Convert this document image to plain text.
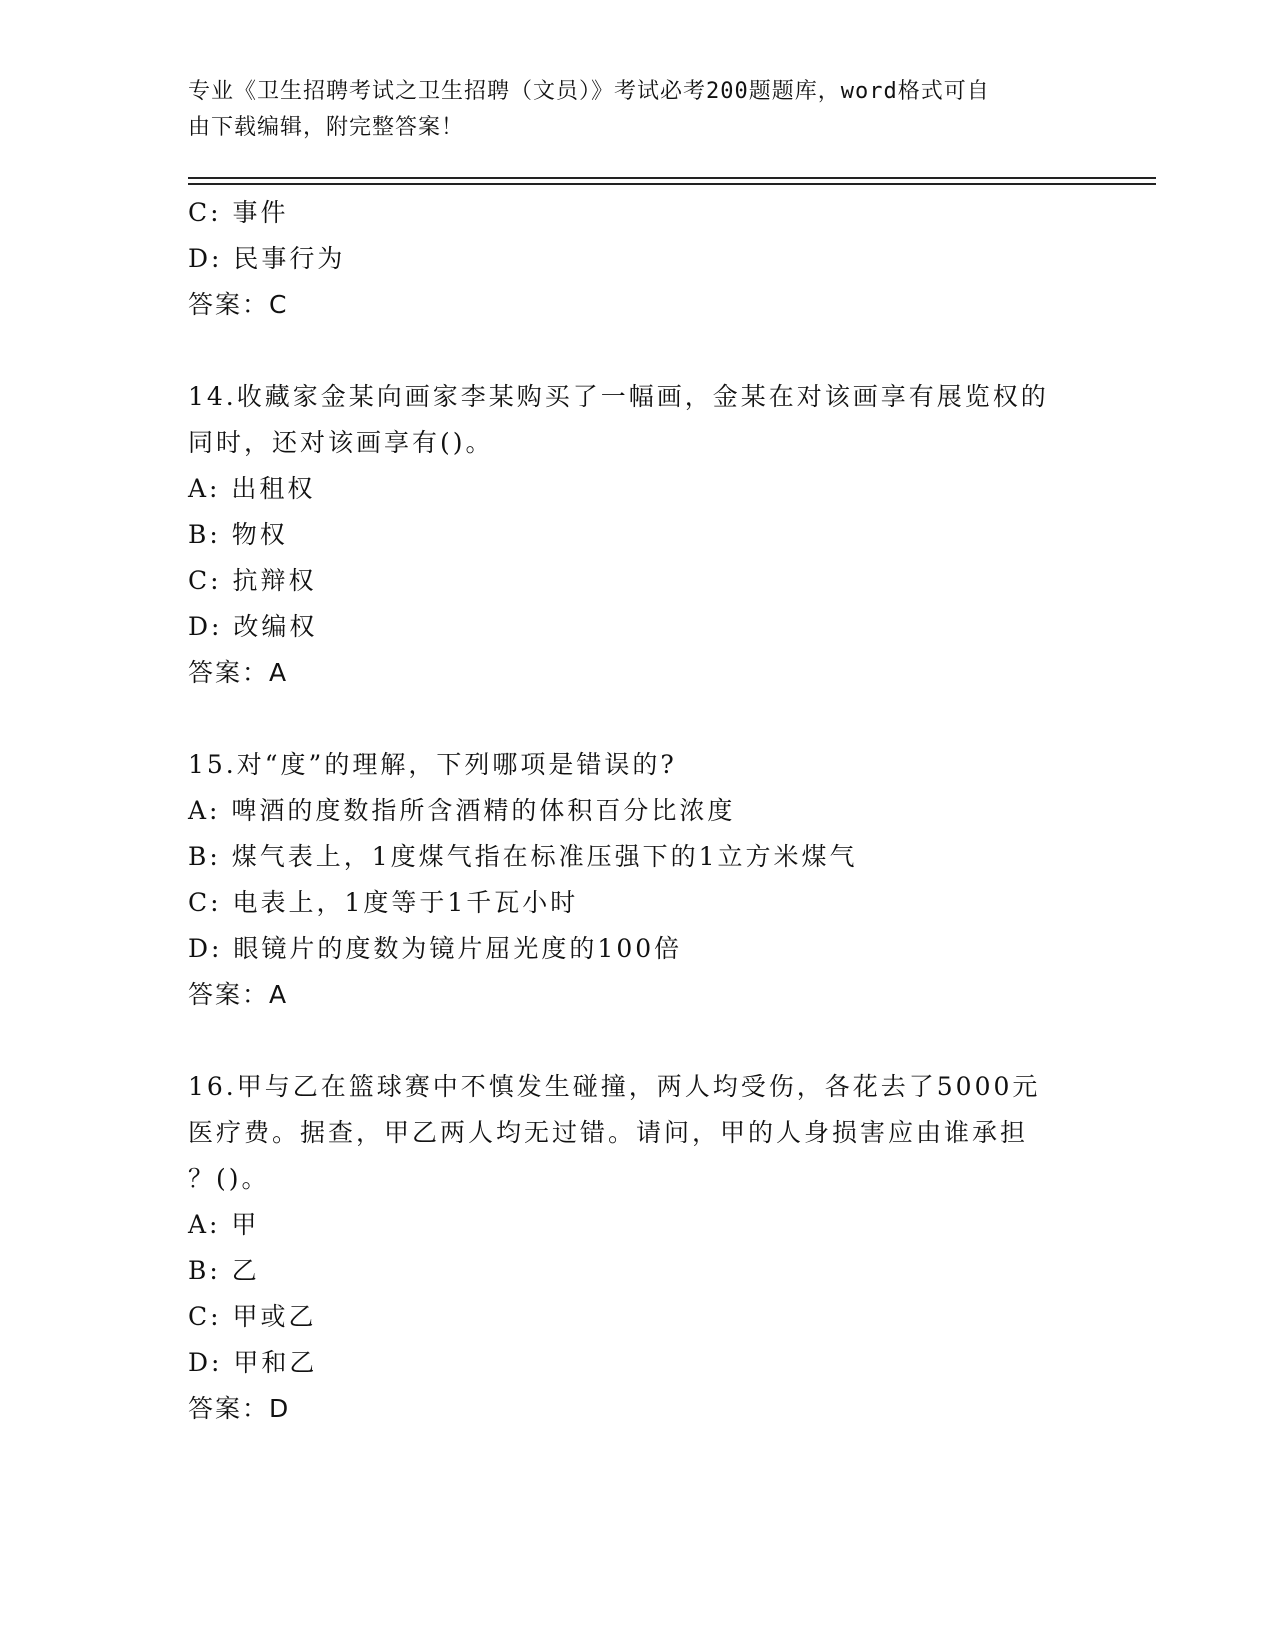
专业《卫生招聘考试之卫生招聘（文员）》考试必考200题题库，word格式可自
由下载编辑，附完整答案！
C: 事件
D: 民事行为
答案：C
14.收藏家金某向画家李某购买了一幅画，金某在对该画享有展览权的
同时，还对该画享有()。
A: 出租权
B: 物权
C: 抗辩权
D: 改编权
答案：A
15.对“度”的理解，下列哪项是错误的?
A: 啤酒的度数指所含酒精的体积百分比浓度
B: 煤气表上，1度煤气指在标准压强下的1立方米煤气
C: 电表上，1度等于1千瓦小时
D: 眼镜片的度数为镜片屈光度的100倍
答案：A
16.甲与乙在篮球赛中不慎发生碰撞，两人均受伤，各花去了5000元
医疗费。据查，甲乙两人均无过错。请问，甲的人身损害应由谁承担
？()。
A: 甲
B: 乙
C: 甲或乙
D: 甲和乙
答案：D
